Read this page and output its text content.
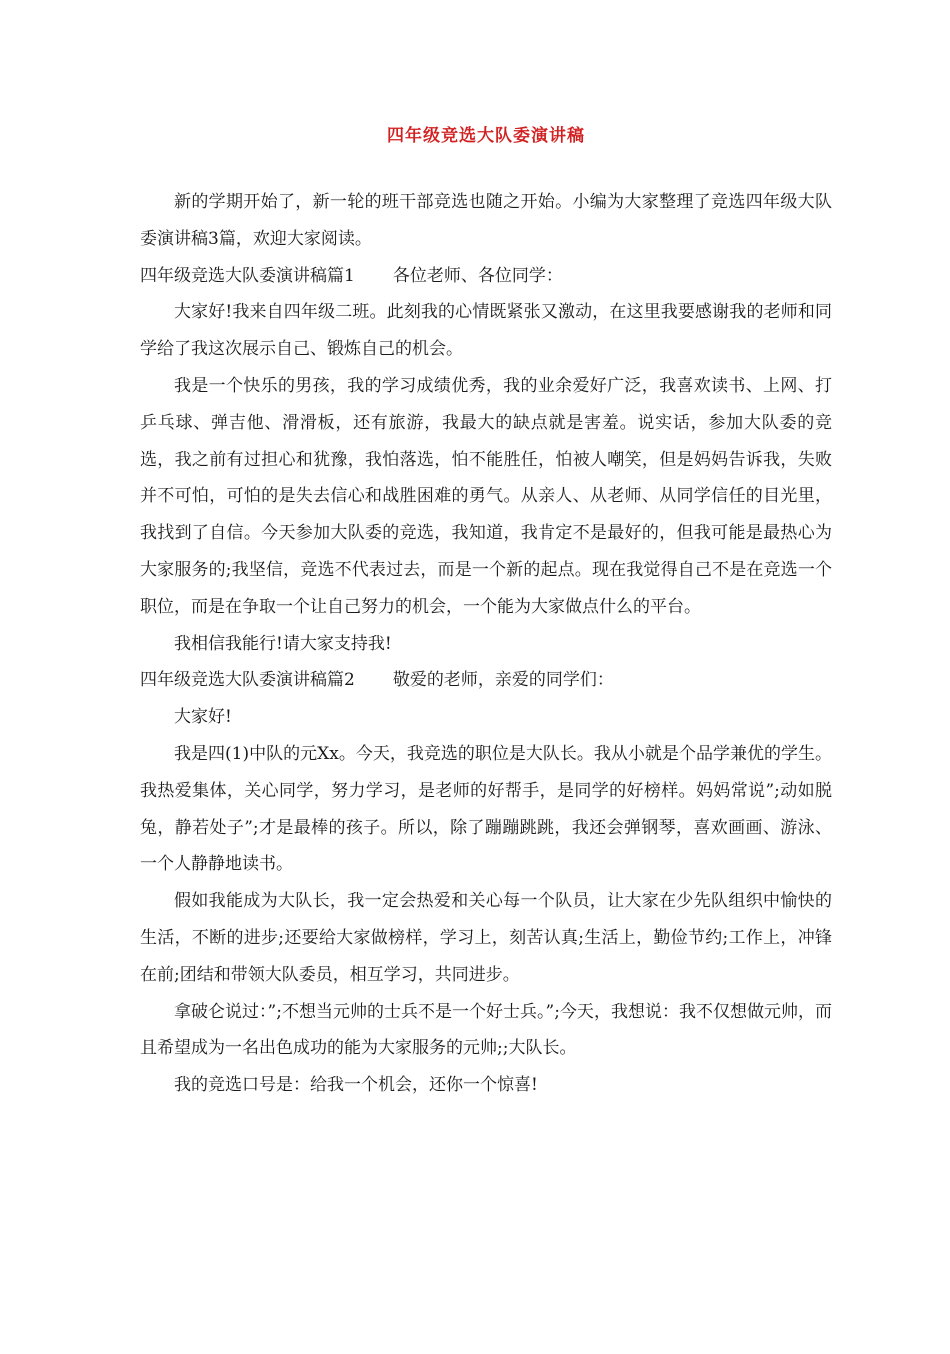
四年级竞选大队委演讲稿

新的学期开始了，新一轮的班干部竞选也随之开始。小编为大家整理了竞选四年级大队委演讲稿3篇，欢迎大家阅读。

四年级竞选大队委演讲稿篇1 各位老师、各位同学：

大家好!我来自四年级二班。此刻我的心情既紧张又激动，在这里我要感谢我的老师和同学给了我这次展示自己、锻炼自己的机会。

我是一个快乐的男孩，我的学习成绩优秀，我的业余爱好广泛，我喜欢读书、上网、打乒乓球、弹吉他、滑滑板，还有旅游，我最大的缺点就是害羞。说实话，参加大队委的竞选，我之前有过担心和犹豫，我怕落选，怕不能胜任，怕被人嘲笑，但是妈妈告诉我，失败并不可怕，可怕的是失去信心和战胜困难的勇气。从亲人、从老师、从同学信任的目光里，我找到了自信。今天参加大队委的竞选，我知道，我肯定不是最好的，但我可能是最热心为大家服务的;我坚信，竞选不代表过去，而是一个新的起点。现在我觉得自己不是在竞选一个职位，而是在争取一个让自己努力的机会，一个能为大家做点什么的平台。

我相信我能行!请大家支持我!

四年级竞选大队委演讲稿篇2 敬爱的老师，亲爱的同学们：

大家好!

我是四(1)中队的元Xx。今天，我竞选的职位是大队长。我从小就是个品学兼优的学生。我热爱集体，关心同学，努力学习，是老师的好帮手，是同学的好榜样。妈妈常说”;动如脱兔，静若处子”;才是最棒的孩子。所以，除了蹦蹦跳跳，我还会弹钢琴，喜欢画画、游泳、一个人静静地读书。

假如我能成为大队长，我一定会热爱和关心每一个队员，让大家在少先队组织中愉快的生活，不断的进步;还要给大家做榜样，学习上，刻苦认真;生活上，勤俭节约;工作上，冲锋在前;团结和带领大队委员，相互学习，共同进步。

拿破仑说过：”;不想当元帅的士兵不是一个好士兵。”;今天，我想说：我不仅想做元帅，而且希望成为一名出色成功的能为大家服务的元帅;;大队长。

我的竞选口号是：给我一个机会，还你一个惊喜!
